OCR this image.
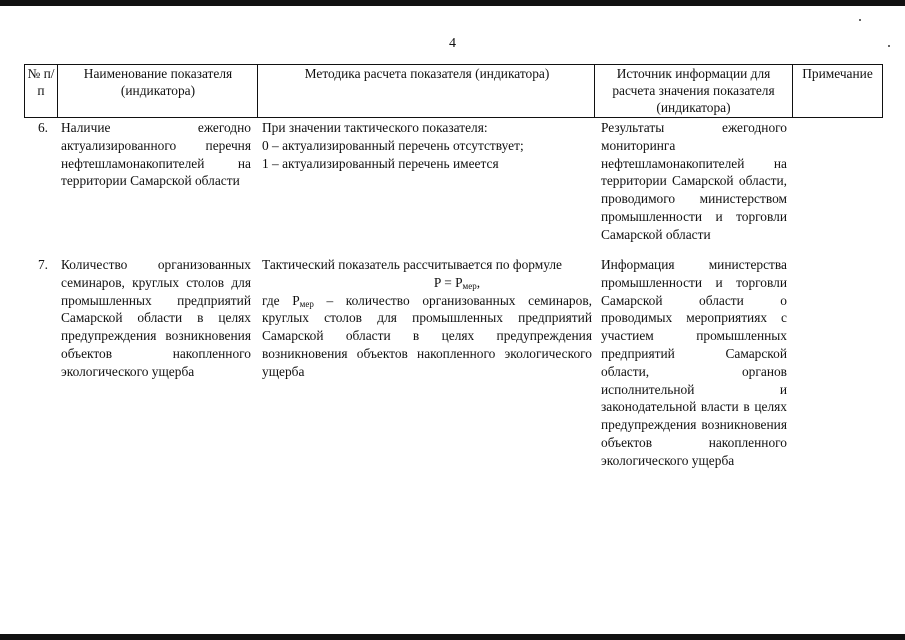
4
№ п/п
Наименование показателя (индикатора)
Методика расчета показателя (индикатора)	Источник информации для расчета значения показателя (индикатора)
Примечание
6. Наличие ежегодно актуализированного перечня нефтешламонакопителей на территории Самарской области
При значении тактического показателя:
0 – актуализированный перечень отсутствует;
1 – актуализированный перечень имеется
Результаты ежегодного мониторинга нефтешламонакопителей на территории Самарской области, проводимого министерством промышленности и торговли Самарской области
7. Количество организованных семинаров, круглых столов для промышленных предприятий Самарской области в целях предупреждения возникновения объектов накопленного экологического ущерба
Тактический показатель рассчитывается по формуле
$P = P_{мер}$,
где $P_{мер}$ – количество организованных семинаров, круглых столов для промышленных предприятий Самарской области в целях предупреждения возникновения объектов накопленного экологического ущерба
Информация министерства промышленности и торговли Самарской области о проводимых мероприятиях с участием промышленных предприятий Самарской области, органов исполнительной и законодательной власти в целях предупреждения возникновения объектов накопленного экологического ущерба
